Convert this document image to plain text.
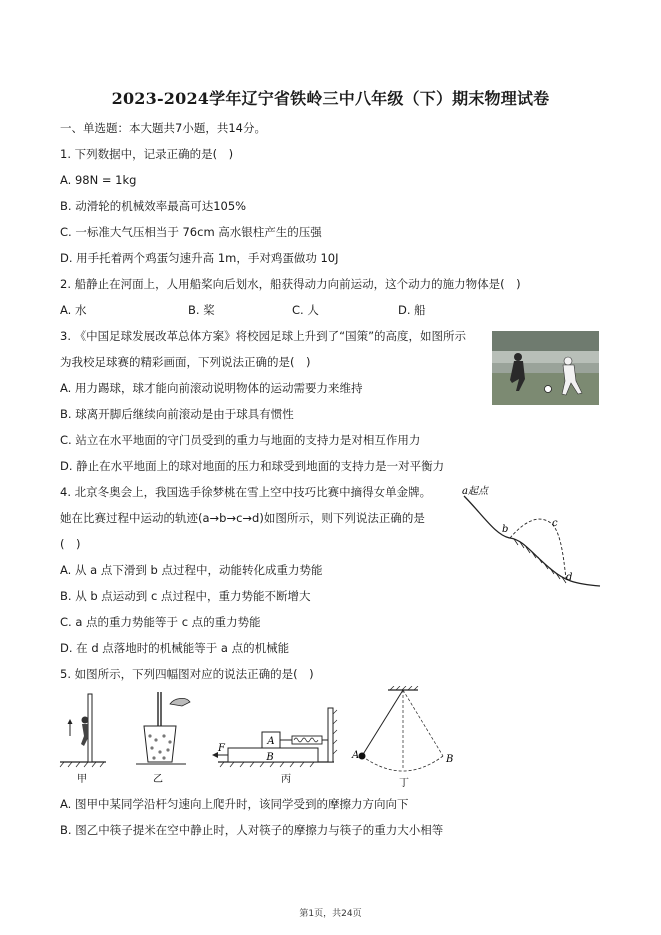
2023-2024学年辽宁省铁岭三中八年级（下）期末物理试卷
一、单选题：本大题共7小题，共14分。
1. 下列数据中，记录正确的是(　)
A. 98N = 1kg
B. 动滑轮的机械效率最高可达105%
C. 一标准大气压相当于 76cm 高水银柱产生的压强
D. 用手托着两个鸡蛋匀速升高 1m，手对鸡蛋做功 10J
2. 船静止在河面上，人用船桨向后划水，船获得动力向前运动，这个动力的施力物体是(　)
A. 水	B. 桨	C. 人	D. 船
3. 《中国足球发展改革总体方案》将校园足球上升到了“国策”的高度，如图所示
为我校足球赛的精彩画面，下列说法正确的是(　)
A. 用力踢球，球才能向前滚动说明物体的运动需要力来维持
B. 球离开脚后继续向前滚动是由于球具有惯性
C. 站立在水平地面的守门员受到的重力与地面的支持力是对相互作用力
D. 静止在水平地面上的球对地面的压力和球受到地面的支持力是一对平衡力
4. 北京冬奥会上，我国选手徐梦桃在雪上空中技巧比赛中摘得女单金牌。
她在比赛过程中运动的轨迹(a→b→c→d)如图所示，则下列说法正确的是
(　)
A. 从 a 点下滑到 b 点过程中，动能转化成重力势能
B. 从 b 点运动到 c 点过程中，重力势能不断增大
C. a 点的重力势能等于 c 点的重力势能
D. 在 d 点落地时的机械能等于 a 点的机械能
a起点
b
c
d
5. 如图所示，下列四幅图对应的说法正确的是(　)
甲	乙
F
A
B
丙
A	B
丁
A. 图甲中某同学沿杆匀速向上爬升时，该同学受到的摩擦力方向向下
B. 图乙中筷子提米在空中静止时，人对筷子的摩擦力与筷子的重力大小相等
第1页，共24页
